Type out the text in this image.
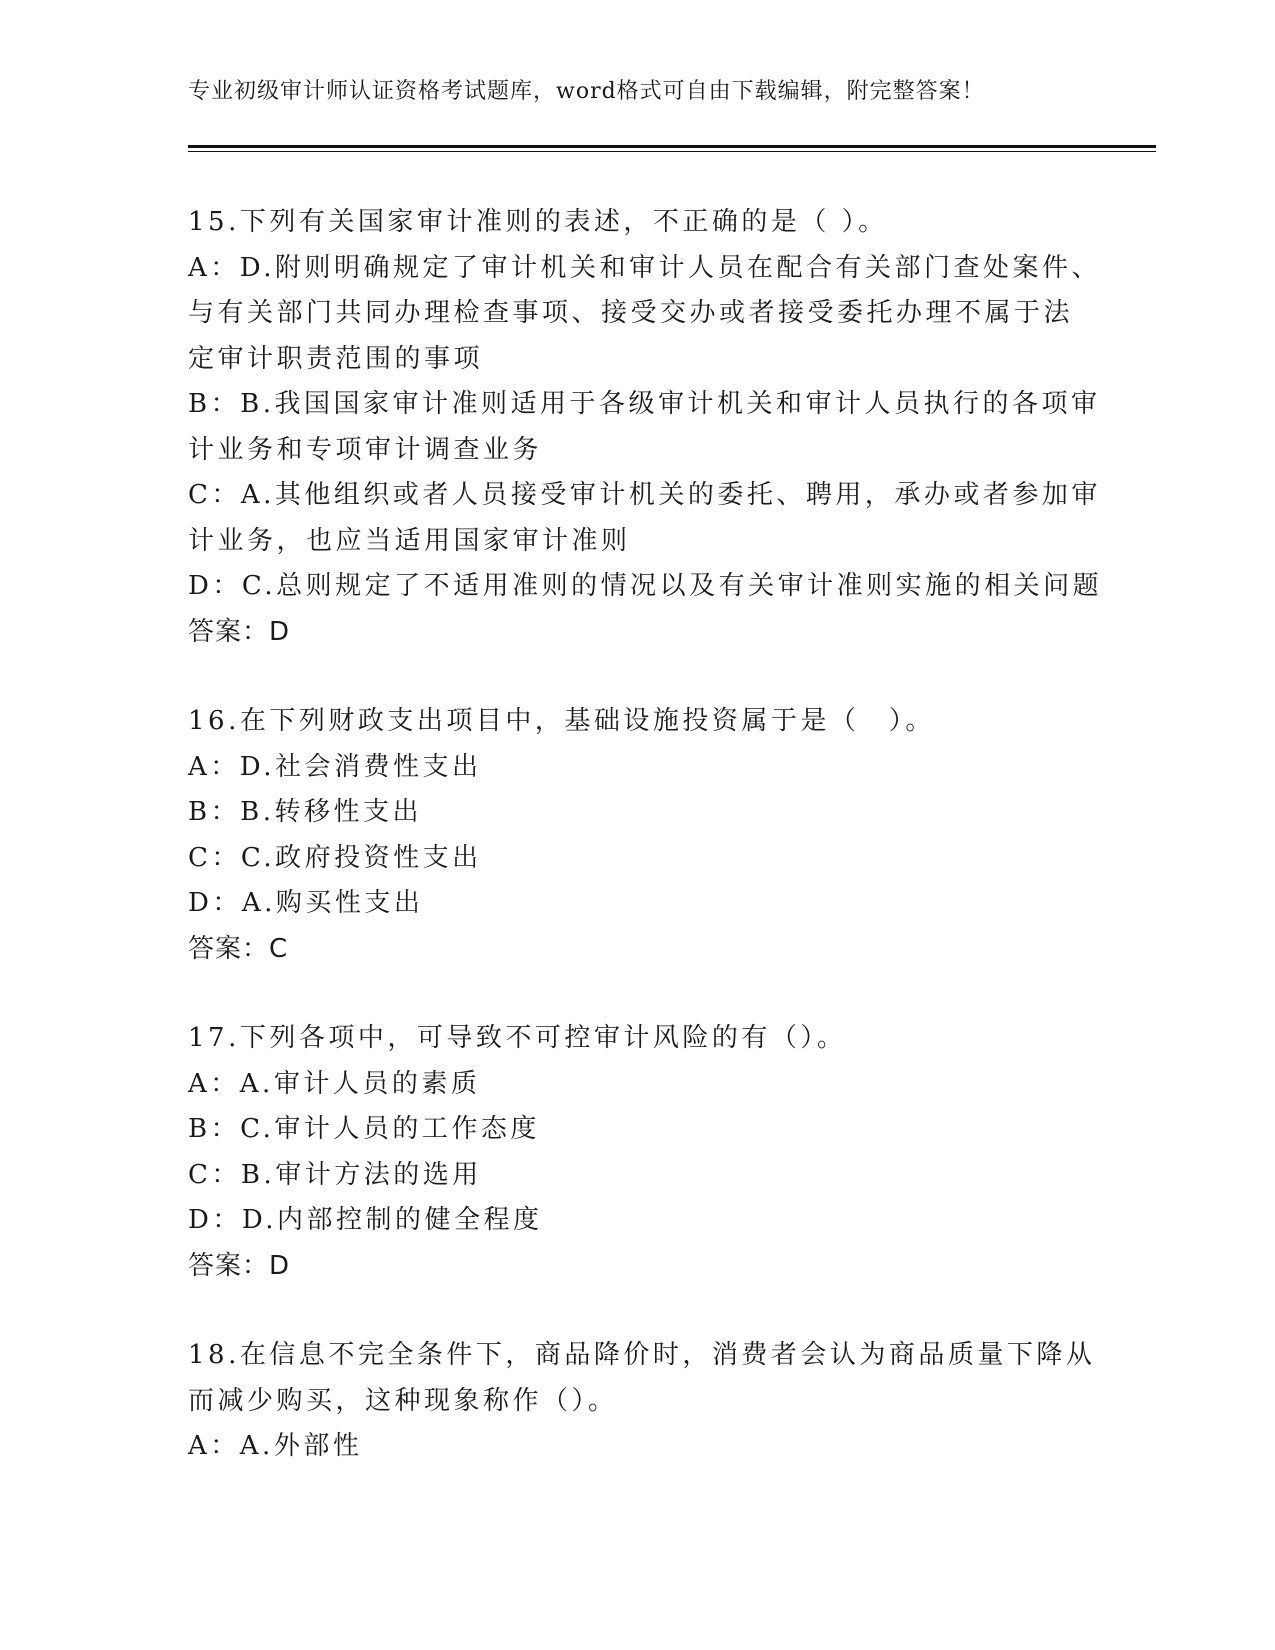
专业初级审计师认证资格考试题库，word格式可自由下载编辑，附完整答案！
15.下列有关国家审计准则的表述，不正确的是（ ）。
A：D.附则明确规定了审计机关和审计人员在配合有关部门查处案件、
与有关部门共同办理检查事项、接受交办或者接受委托办理不属于法
定审计职责范围的事项
B：B.我国国家审计准则适用于各级审计机关和审计人员执行的各项审
计业务和专项审计调查业务
C：A.其他组织或者人员接受审计机关的委托、聘用，承办或者参加审
计业务，也应当适用国家审计准则
D：C.总则规定了不适用准则的情况以及有关审计准则实施的相关问题
答案：D
16.在下列财政支出项目中，基础设施投资属于是（　）。
A：D.社会消费性支出
B：B.转移性支出
C：C.政府投资性支出
D：A.购买性支出
答案：C
17.下列各项中，可导致不可控审计风险的有（）。
A：A.审计人员的素质
B：C.审计人员的工作态度
C：B.审计方法的选用
D：D.内部控制的健全程度
答案：D
18.在信息不完全条件下，商品降价时，消费者会认为商品质量下降从
而减少购买，这种现象称作（）。
A：A.外部性
